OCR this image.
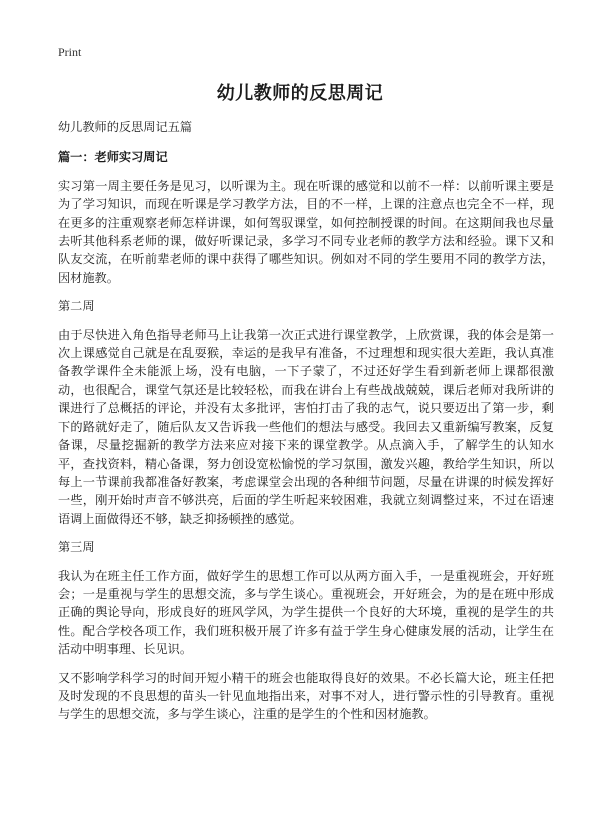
Print
幼儿教师的反思周记

幼儿教师的反思周记五篇

篇一：老师实习周记

实习第一周主要任务是见习，以听课为主。现在听课的感觉和以前不一样：以前听课主要是为了学习知识，而现在听课是学习教学方法，目的不一样，上课的注意点也完全不一样，现在更多的注重观察老师怎样讲课，如何驾驭课堂，如何控制授课的时间。在这期间我也尽量去听其他科系老师的课，做好听课记录，多学习不同专业老师的教学方法和经验。课下又和队友交流，在听前辈老师的课中获得了哪些知识。例如对不同的学生要用不同的教学方法，因材施教。

第二周

由于尽快进入角色指导老师马上让我第一次正式进行课堂教学，上欣赏课，我的体会是第一次上课感觉自己就是在乱耍猴，幸运的是我早有准备，不过理想和现实很大差距，我认真准备教学课件全未能派上场，没有电脑，一下子蒙了，不过还好学生看到新老师上课都很激动，也很配合，课堂气氛还是比较轻松，而我在讲台上有些战战兢兢，课后老师对我所讲的课进行了总概括的评论，并没有太多批评，害怕打击了我的志气，说只要迈出了第一步，剩下的路就好走了，随后队友又告诉我一些他们的想法与感受。我回去又重新编写教案，反复备课，尽量挖掘新的教学方法来应对接下来的课堂教学。从点滴入手，了解学生的认知水平，查找资料，精心备课，努力创设宽松愉悦的学习氛围，激发兴趣，教给学生知识，所以每上一节课前我都准备好教案，考虑课堂会出现的各种细节问题，尽量在讲课的时候发挥好一些，刚开始时声音不够洪亮，后面的学生听起来较困难，我就立刻调整过来，不过在语速语调上面做得还不够，缺乏抑扬顿挫的感觉。

第三周

我认为在班主任工作方面，做好学生的思想工作可以从两方面入手，一是重视班会，开好班会；一是重视与学生的思想交流，多与学生谈心。重视班会，开好班会，为的是在班中形成正确的舆论导向，形成良好的班风学风，为学生提供一个良好的大环境，重视的是学生的共性。配合学校各项工作，我们班积极开展了许多有益于学生身心健康发展的活动，让学生在活动中明事理、长见识。

又不影响学科学习的时间开短小精干的班会也能取得良好的效果。不必长篇大论，班主任把及时发现的不良思想的苗头一针见血地指出来，对事不对人，进行警示性的引导教育。重视与学生的思想交流，多与学生谈心，注重的是学生的个性和因材施教。
